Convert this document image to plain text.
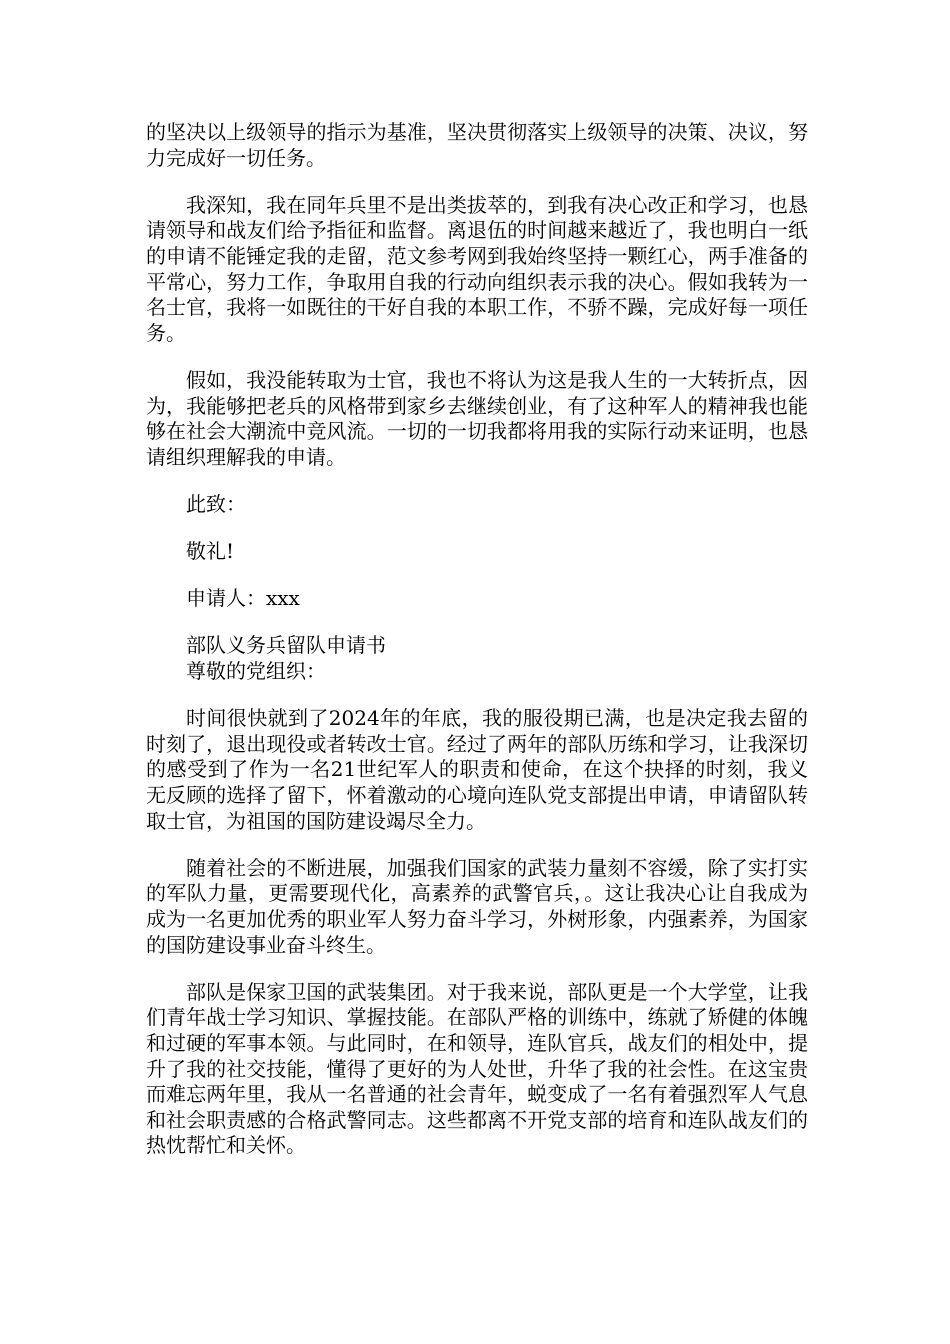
的坚决以上级领导的指示为基准，坚决贯彻落实上级领导的决策、决议，努力完成好一切任务。

我深知，我在同年兵里不是出类拔萃的，到我有决心改正和学习，也恳请领导和战友们给予指征和监督。离退伍的时间越来越近了，我也明白一纸的申请不能锤定我的走留，范文参考网到我始终坚持一颗红心，两手准备的平常心，努力工作，争取用自我的行动向组织表示我的决心。假如我转为一名士官，我将一如既往的干好自我的本职工作，不骄不躁，完成好每一项任务。

假如，我没能转取为士官，我也不将认为这是我人生的一大转折点，因为，我能够把老兵的风格带到家乡去继续创业，有了这种军人的精神我也能够在社会大潮流中竞风流。一切的一切我都将用我的实际行动来证明，也恳请组织理解我的申请。

此致：

敬礼!

申请人：xxx

部队义务兵留队申请书

尊敬的党组织：

时间很快就到了2024年的年底，我的服役期已满，也是决定我去留的时刻了，退出现役或者转改士官。经过了两年的部队历练和学习，让我深切的感受到了作为一名21世纪军人的职责和使命，在这个抉择的时刻，我义无反顾的选择了留下，怀着激动的心境向连队党支部提出申请，申请留队转取士官，为祖国的国防建设竭尽全力。

随着社会的不断进展，加强我们国家的武装力量刻不容缓，除了实打实的军队力量，更需要现代化，高素养的武警官兵，。这让我决心让自我成为成为一名更加优秀的职业军人努力奋斗学习，外树形象，内强素养，为国家的国防建设事业奋斗终生。

部队是保家卫国的武装集团。对于我来说，部队更是一个大学堂，让我们青年战士学习知识、掌握技能。在部队严格的训练中，练就了矫健的体魄和过硬的军事本领。与此同时，在和领导，连队官兵，战友们的相处中，提升了我的社交技能，懂得了更好的为人处世，升华了我的社会性。在这宝贵而难忘两年里，我从一名普通的社会青年，蜕变成了一名有着强烈军人气息和社会职责感的合格武警同志。这些都离不开党支部的培育和连队战友们的热忱帮忙和关怀。
